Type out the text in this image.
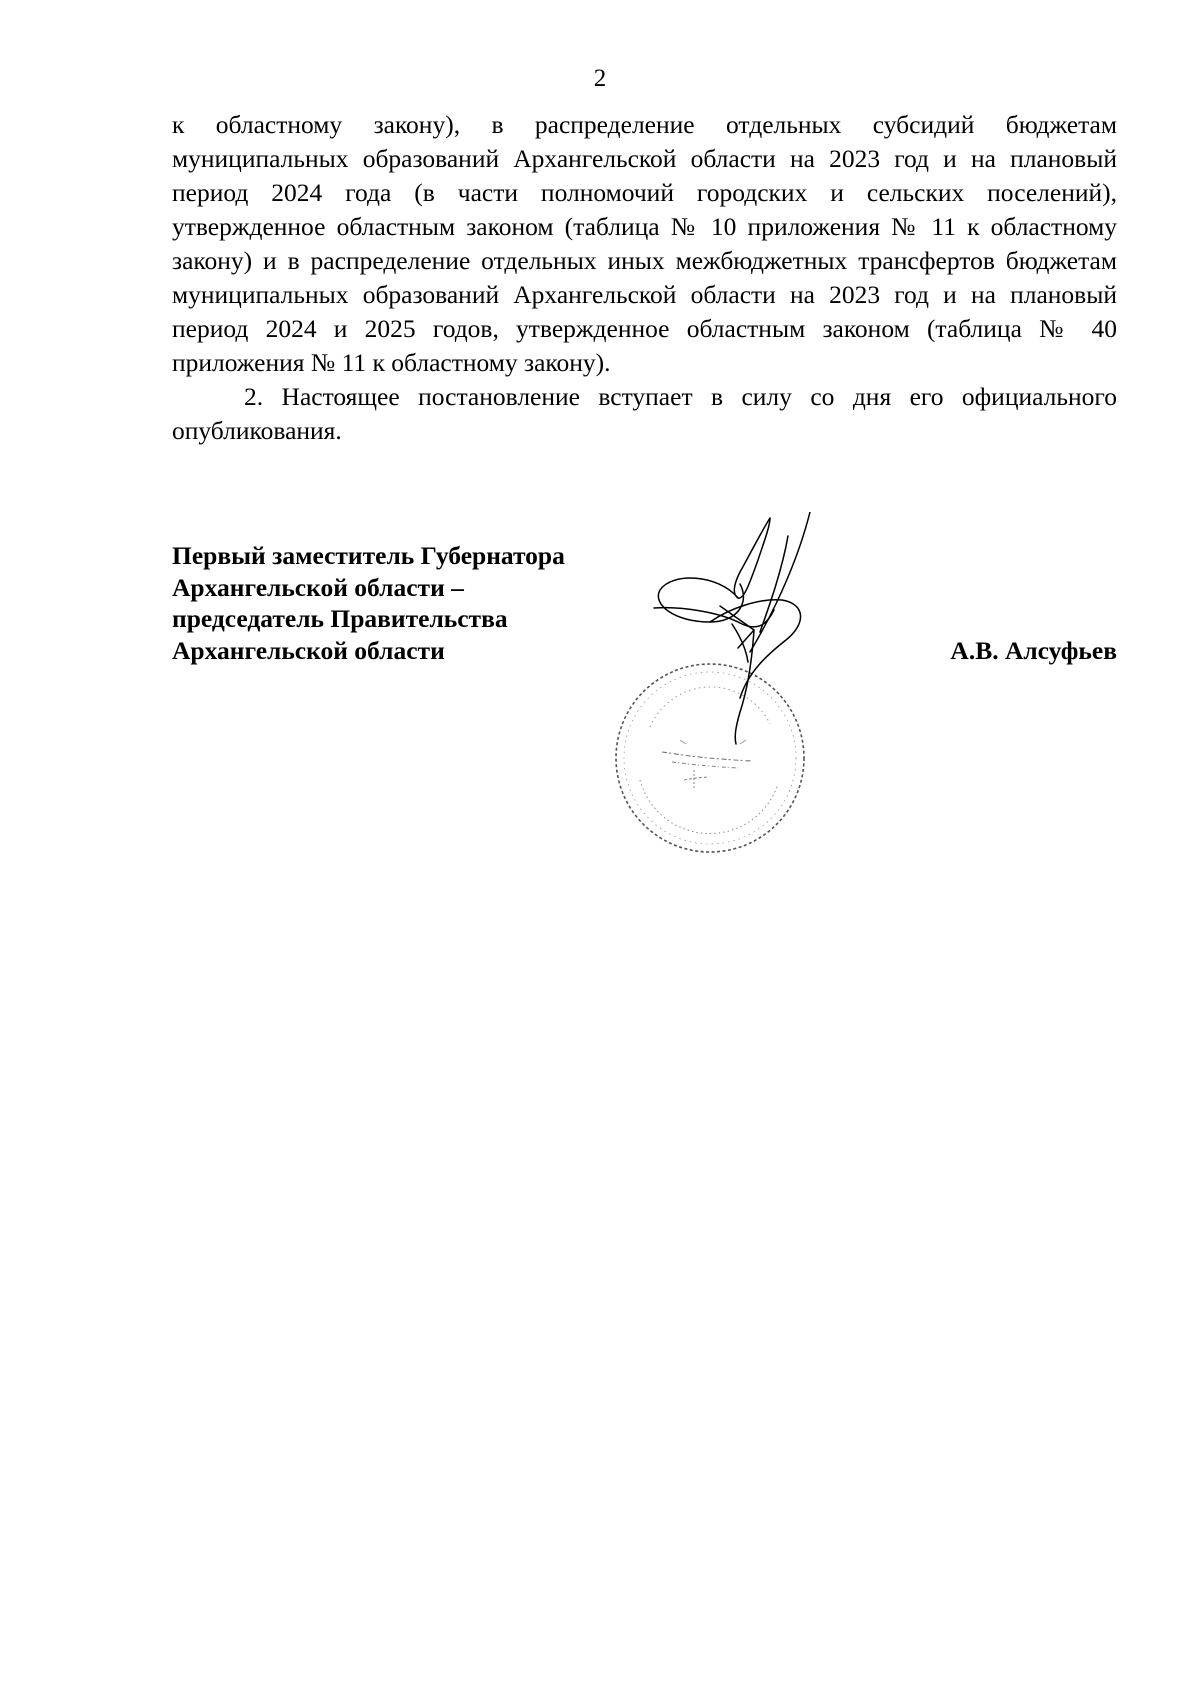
2

к областному закону), в распределение отдельных субсидий бюджетам муниципальных образований Архангельской области на 2023 год и на плановый период 2024 года (в части полномочий городских и сельских поселений), утвержденное областным законом (таблица № 10 приложения № 11 к областному закону) и в распределение отдельных иных межбюджетных трансфертов бюджетам муниципальных образований Архангельской области на 2023 год и на плановый период 2024 и 2025 годов, утвержденное областным законом (таблица № 40 приложения № 11 к областному закону).

2. Настоящее постановление вступает в силу со дня его официального опубликования.

Первый заместитель Губернатора
Архангельской области –
председатель Правительства
Архангельской области	А.В. Алсуфьев
